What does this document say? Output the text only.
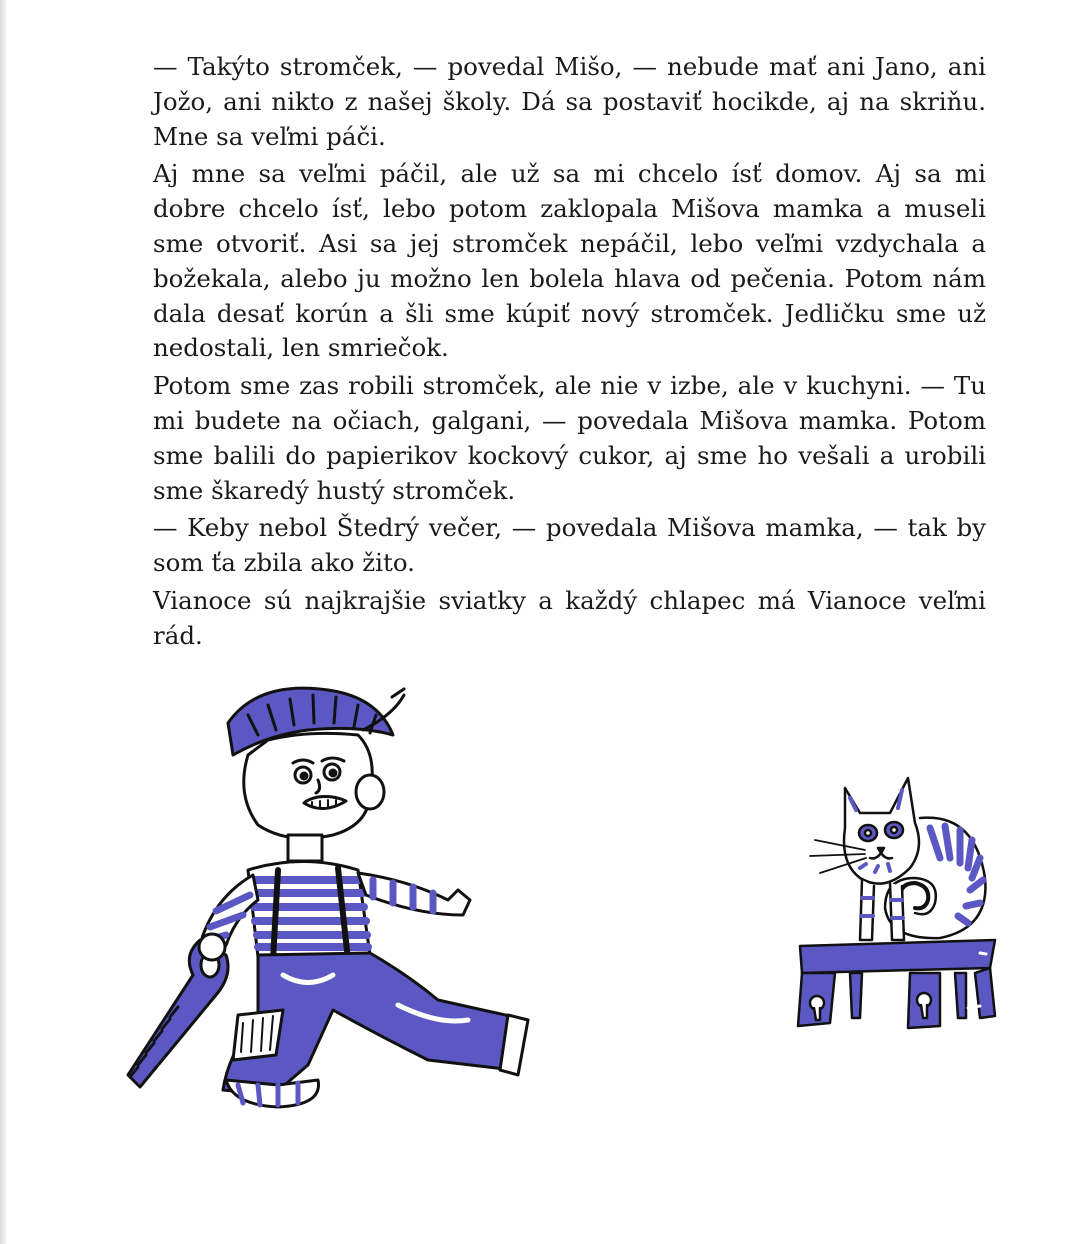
— Takýto stromček, — povedal Mišo, — nebude mať ani Jano, ani Jožo, ani nikto z našej školy. Dá sa postaviť hocikde, aj na skriňu. Mne sa veľmi páči.

Aj mne sa veľmi páčil, ale už sa mi chcelo ísť domov. Aj sa mi dobre chcelo ísť, lebo potom zaklopala Mišova mamka a museli sme otvoriť. Asi sa jej stromček nepáčil, lebo veľmi vzdychala a božekala, alebo ju možno len bolela hlava od pečenia. Potom nám dala desať korún a šli sme kúpiť nový stromček. Jedličku sme už nedostali, len smriečok.

Potom sme zas robili stromček, ale nie v izbe, ale v kuchyni. — Tu mi budete na očiach, galgani, — povedala Mišova mamka. Potom sme balili do papierikov kockový cukor, aj sme ho vešali a urobili sme škaredý hustý stromček.

— Keby nebol Štedrý večer, — povedala Mišova mamka, — tak by som ťa zbila ako žito.

Vianoce sú najkrajšie sviatky a každý chlapec má Vianoce veľmi rád.
